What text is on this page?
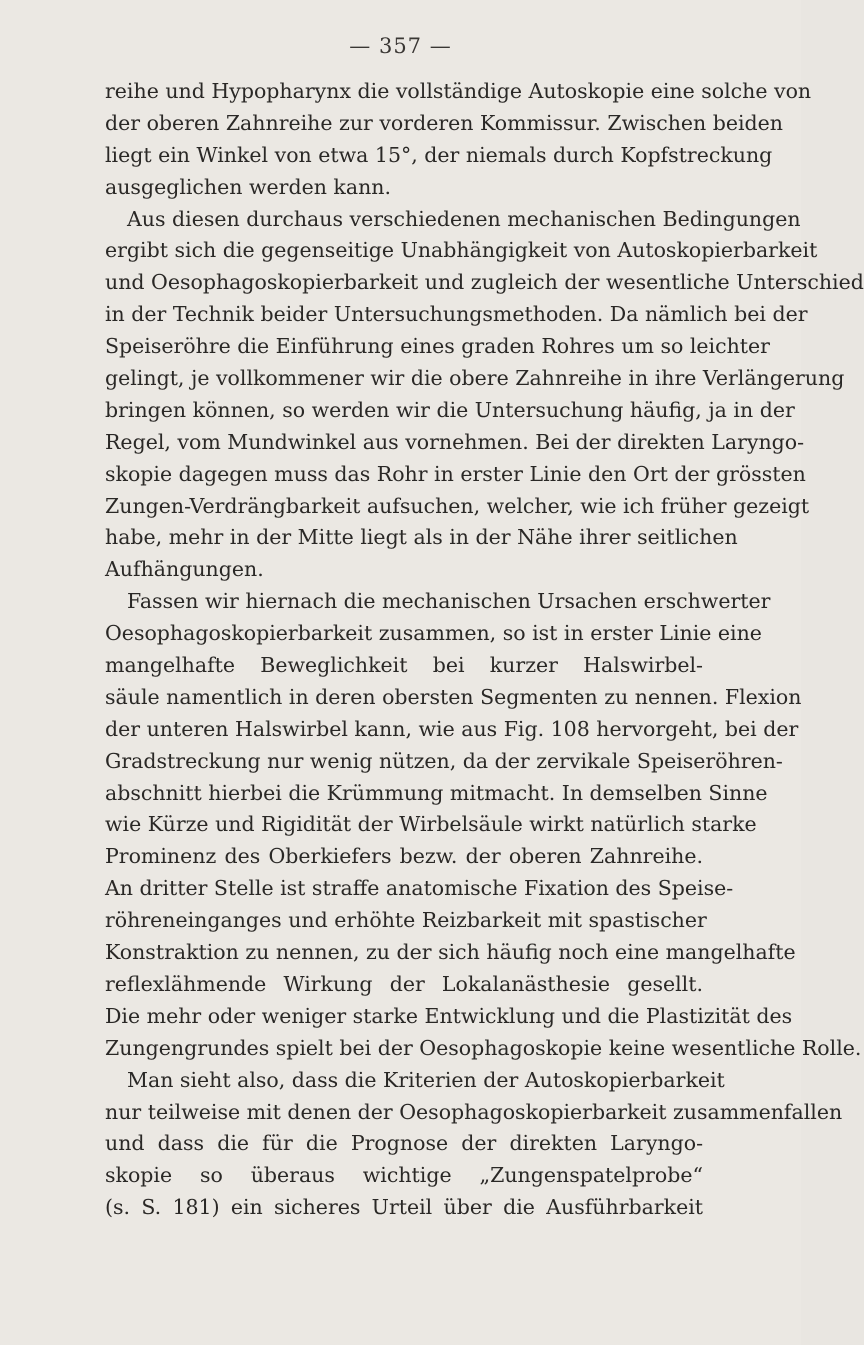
— 357 —
reihe und Hypopharynx die vollständige Autoskopie eine solche von
der oberen Zahnreihe zur vorderen Kommissur. Zwischen beiden
liegt ein Winkel von etwa 15°, der niemals durch Kopfstreckung
ausgeglichen werden kann.
Aus diesen durchaus verschiedenen mechanischen Bedingungen
ergibt sich die gegenseitige Unabhängigkeit von Autoskopierbarkeit
und Oesophagoskopierbarkeit und zugleich der wesentliche Unterschied
in der Technik beider Untersuchungsmethoden. Da nämlich bei der
Speiseröhre die Einführung eines graden Rohres um so leichter
gelingt, je vollkommener wir die obere Zahnreihe in ihre Verlängerung
bringen können, so werden wir die Untersuchung häufig, ja in der
Regel, vom Mundwinkel aus vornehmen. Bei der direkten Laryngo-
skopie dagegen muss das Rohr in erster Linie den Ort der grössten
Zungen-Verdrängbarkeit aufsuchen, welcher, wie ich früher gezeigt
habe, mehr in der Mitte liegt als in der Nähe ihrer seitlichen
Aufhängungen.
Fassen wir hiernach die mechanischen Ursachen erschwerter
Oesophagoskopierbarkeit zusammen, so ist in erster Linie eine
mangelhafte Beweglichkeit bei kurzer Halswirbel-
säule namentlich in deren obersten Segmenten zu nennen. Flexion
der unteren Halswirbel kann, wie aus Fig. 108 hervorgeht, bei der
Gradstreckung nur wenig nützen, da der zervikale Speiseröhren-
abschnitt hierbei die Krümmung mitmacht. In demselben Sinne
wie Kürze und Rigidität der Wirbelsäule wirkt natürlich starke
Prominenz des Oberkiefers bezw. der oberen Zahnreihe.
An dritter Stelle ist straffe anatomische Fixation des Speise-
röhreneinganges und erhöhte Reizbarkeit mit spastischer
Konstraktion zu nennen, zu der sich häufig noch eine mangelhafte
reflexlähmende Wirkung der Lokalanästhesie gesellt.
Die mehr oder weniger starke Entwicklung und die Plastizität des
Zungengrundes spielt bei der Oesophagoskopie keine wesentliche Rolle.
Man sieht also, dass die Kriterien der Autoskopierbarkeit
nur teilweise mit denen der Oesophagoskopierbarkeit zusammenfallen
und dass die für die Prognose der direkten Laryngo-
skopie so überaus wichtige „Zungenspatelprobe“
(s. S. 181) ein sicheres Urteil über die Ausführbarkeit
